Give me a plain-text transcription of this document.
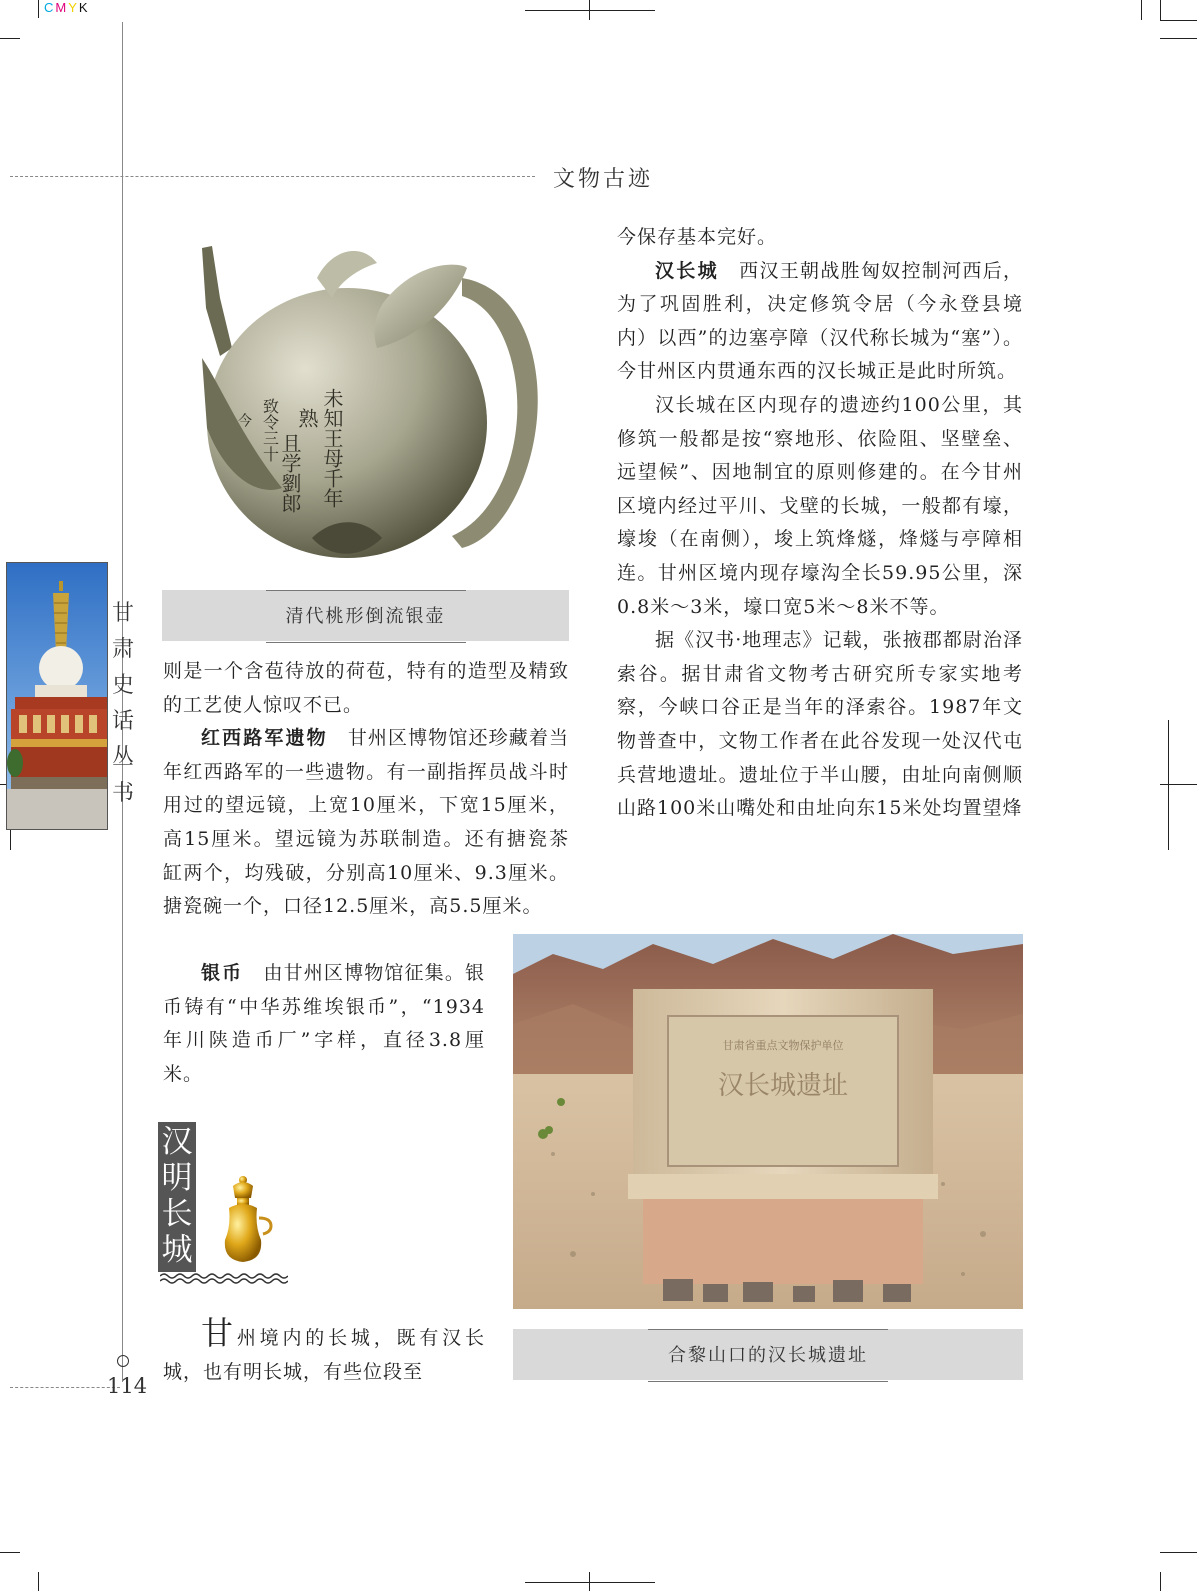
CMYK
文物古迹
甘
肃
史
话
丛
书
未知王母千年
熟
且学劉郎
致令三十
今
清代桃形倒流银壶

则是一个含苞待放的荷苞，特有的造型及精致的工艺使人惊叹不已。

红西路军遗物　甘州区博物馆还珍藏着当年红西路军的一些遗物。有一副指挥员战斗时用过的望远镜，上宽10厘米，下宽15厘米，高15厘米。望远镜为苏联制造。还有搪瓷茶缸两个，均残破，分别高10厘米、9.3厘米。搪瓷碗一个，口径12.5厘米，高5.5厘米。

银币　由甘州区博物馆征集。银币铸有“中华苏维埃银币”，“1934年川陕造币厂”字样，直径3.8厘米。

汉
明
长
城

甘州境内的长城，既有汉长城，也有明长城，有些位段至

今保存基本完好。

汉长城　西汉王朝战胜匈奴控制河西后，为了巩固胜利，决定修筑令居（今永登县境内）以西”的边塞亭障（汉代称长城为“塞”）。今甘州区内贯通东西的汉长城正是此时所筑。

汉长城在区内现存的遗迹约100公里，其修筑一般都是按“察地形、依险阻、坚壁垒、远望候”、因地制宜的原则修建的。在今甘州区境内经过平川、戈壁的长城，一般都有壕，壕埈（在南侧），埈上筑烽燧，烽燧与亭障相连。甘州区境内现存壕沟全长59.95公里，深0.8米～3米，壕口宽5米～8米不等。

据《汉书·地理志》记载，张掖郡都尉治泽索谷。据甘肃省文物考古研究所专家实地考察，今峡口谷正是当年的泽索谷。1987年文物普查中，文物工作者在此谷发现一处汉代屯兵营地遗址。遗址位于半山腰，由址向南侧顺山路100米山嘴处和由址向东15米处均置望烽

甘肃省重点文物保护单位
汉长城遗址
合黎山口的汉长城遗址
114
